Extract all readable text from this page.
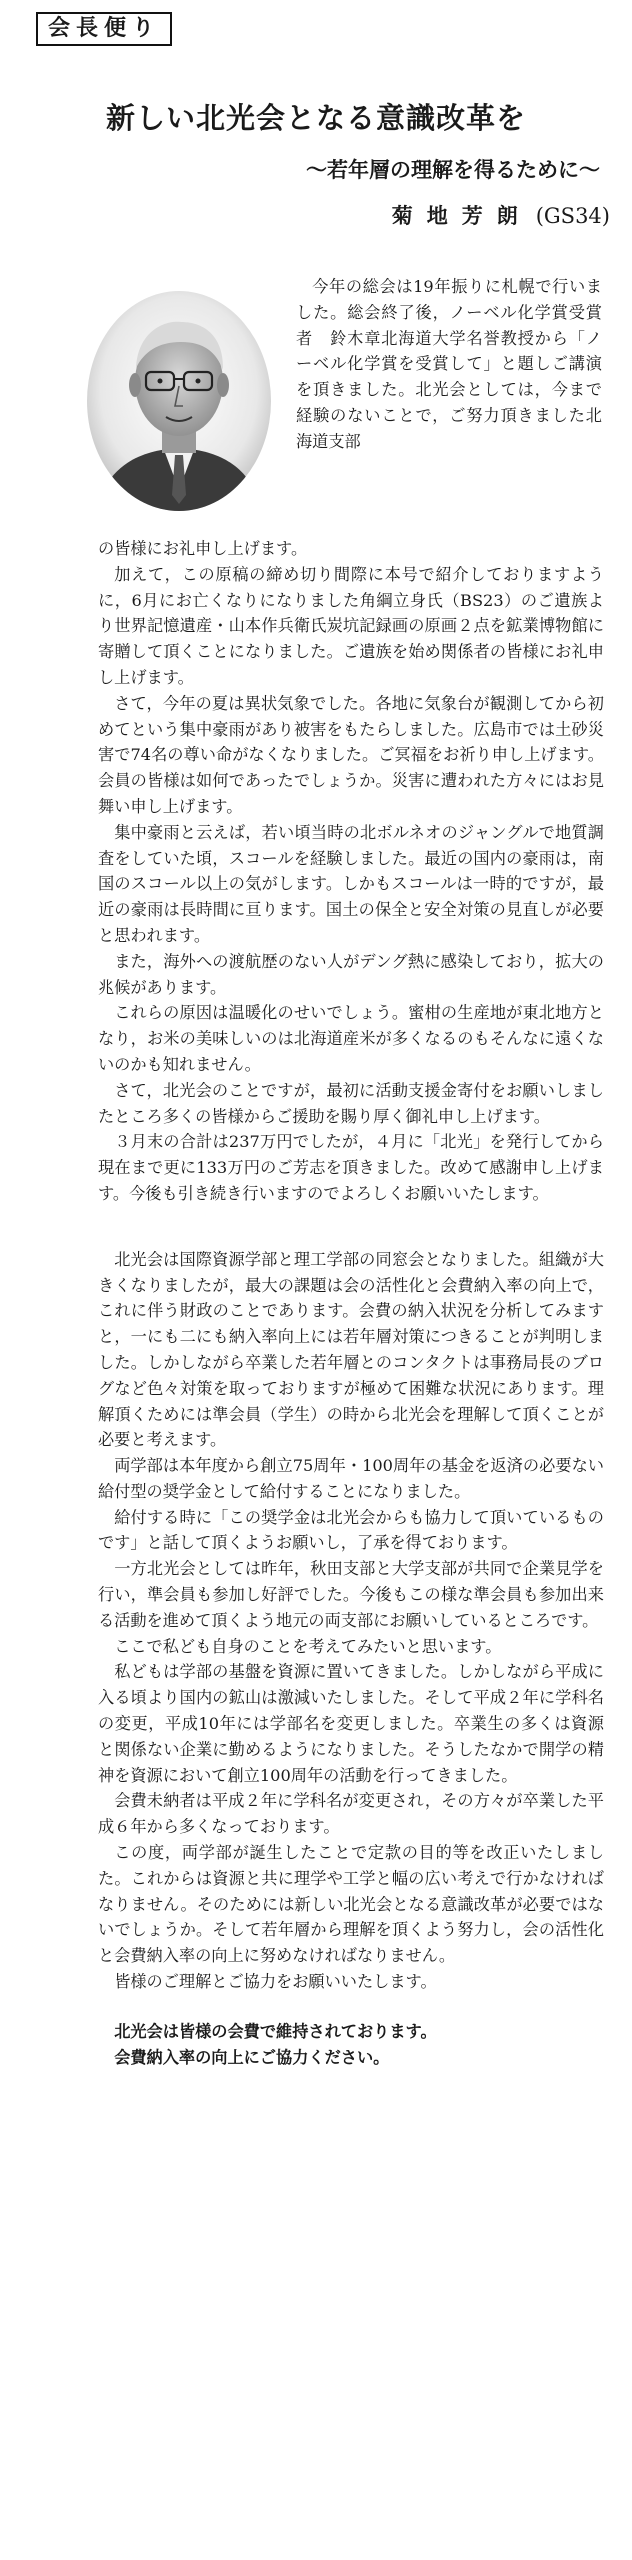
会長便り
新しい北光会となる意識改革を
〜若年層の理解を得るために〜
菊地芳朗 (GS34)

今年の総会は19年振りに札幌で行いました。総会終了後，ノーベル化学賞受賞者　鈴木章北海道大学名誉教授から「ノーベル化学賞を受賞して」と題しご講演を頂きました。北光会としては，今まで経験のないことで，ご努力頂きました北海道支部

の皆様にお礼申し上げます。

加えて，この原稿の締め切り間際に本号で紹介しておりますように，6月にお亡くなりになりました角綱立身氏（BS23）のご遺族より世界記憶遺産・山本作兵衛氏炭坑記録画の原画２点を鉱業博物館に寄贈して頂くことになりました。ご遺族を始め関係者の皆様にお礼申し上げます。

さて，今年の夏は異状気象でした。各地に気象台が観測してから初めてという集中豪雨があり被害をもたらしました。広島市では土砂災害で74名の尊い命がなくなりました。ご冥福をお祈り申し上げます。会員の皆様は如何であったでしょうか。災害に遭われた方々にはお見舞い申し上げます。

集中豪雨と云えば，若い頃当時の北ボルネオのジャングルで地質調査をしていた頃，スコールを経験しました。最近の国内の豪雨は，南国のスコール以上の気がします。しかもスコールは一時的ですが，最近の豪雨は長時間に亘ります。国土の保全と安全対策の見直しが必要と思われます。

また，海外への渡航歴のない人がデング熱に感染しており，拡大の兆候があります。

これらの原因は温暖化のせいでしょう。蜜柑の生産地が東北地方となり，お米の美味しいのは北海道産米が多くなるのもそんなに遠くないのかも知れません。

さて，北光会のことですが，最初に活動支援金寄付をお願いしましたところ多くの皆様からご援助を賜り厚く御礼申し上げます。

３月末の合計は237万円でしたが，４月に「北光」を発行してから現在まで更に133万円のご芳志を頂きました。改めて感謝申し上げます。今後も引き続き行いますのでよろしくお願いいたします。

北光会は国際資源学部と理工学部の同窓会となりました。組織が大きくなりましたが，最大の課題は会の活性化と会費納入率の向上で，これに伴う財政のことであります。会費の納入状況を分析してみますと，一にも二にも納入率向上には若年層対策につきることが判明しました。しかしながら卒業した若年層とのコンタクトは事務局長のブログなど色々対策を取っておりますが極めて困難な状況にあります。理解頂くためには準会員（学生）の時から北光会を理解して頂くことが必要と考えます。

両学部は本年度から創立75周年・100周年の基金を返済の必要ない給付型の奨学金として給付することになりました。

給付する時に「この奨学金は北光会からも協力して頂いているものです」と話して頂くようお願いし，了承を得ております。

一方北光会としては昨年，秋田支部と大学支部が共同で企業見学を行い，準会員も参加し好評でした。今後もこの様な準会員も参加出来る活動を進めて頂くよう地元の両支部にお願いしているところです。

ここで私ども自身のことを考えてみたいと思います。

私どもは学部の基盤を資源に置いてきました。しかしながら平成に入る頃より国内の鉱山は激減いたしました。そして平成２年に学科名の変更，平成10年には学部名を変更しました。卒業生の多くは資源と関係ない企業に勤めるようになりました。そうしたなかで開学の精神を資源において創立100周年の活動を行ってきました。

会費未納者は平成２年に学科名が変更され，その方々が卒業した平成６年から多くなっております。

この度，両学部が誕生したことで定款の目的等を改正いたしました。これからは資源と共に理学や工学と幅の広い考えで行かなければなりません。そのためには新しい北光会となる意識改革が必要ではないでしょうか。そして若年層から理解を頂くよう努力し，会の活性化と会費納入率の向上に努めなければなりません。

皆様のご理解とご協力をお願いいたします。

北光会は皆様の会費で維持されております。

会費納入率の向上にご協力ください。
